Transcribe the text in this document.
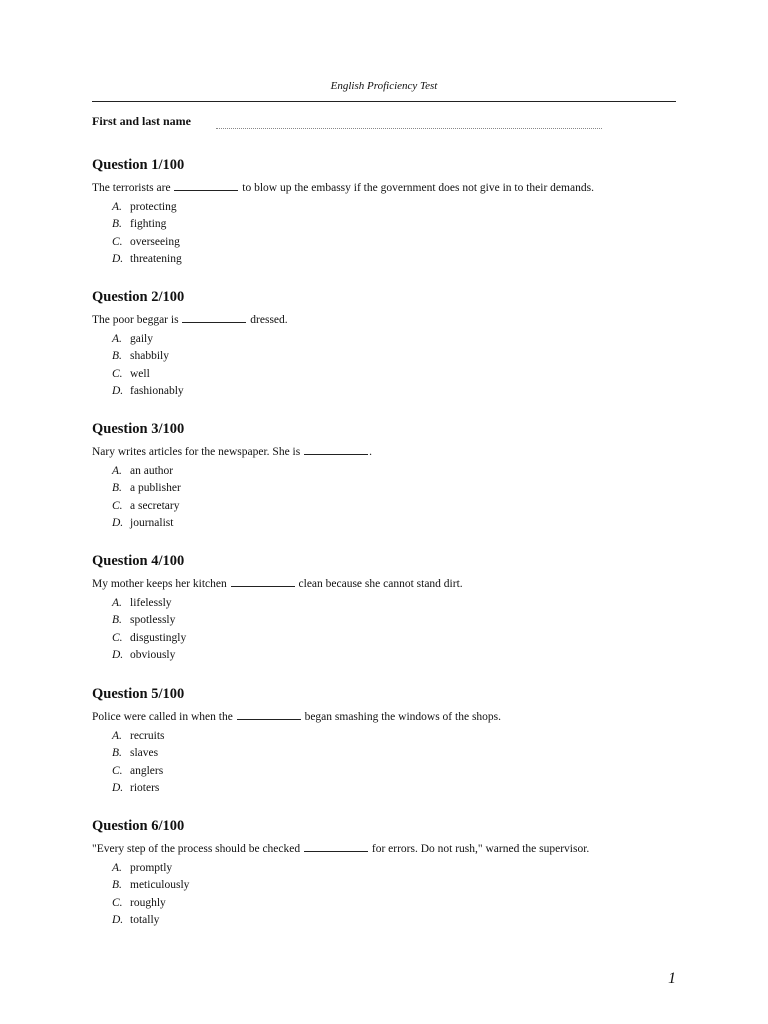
English Proficiency Test
First and last name
Question 1/100
The terrorists are	to blow up the embassy if the government does not give in to their demands.
A. protecting
B. fighting
C. overseeing
D. threatening
Question 2/100
The poor beggar is	dressed.
A. gaily
B. shabbily
C. well
D. fashionably
Question 3/100
Nary writes articles for the newspaper. She is	.
A. an author
B. a publisher
C. a secretary
D. journalist
Question 4/100
My mother keeps her kitchen	clean because she cannot stand dirt.
A. lifelessly
B. spotlessly
C. disgustingly
D. obviously
Question 5/100
Police were called in when the	began smashing the windows of the shops.
A. recruits
B. slaves
C. anglers
D. rioters
Question 6/100
"Every step of the process should be checked	for errors. Do not rush," warned the supervisor.
A. promptly
B. meticulously
C. roughly
D. totally
1
